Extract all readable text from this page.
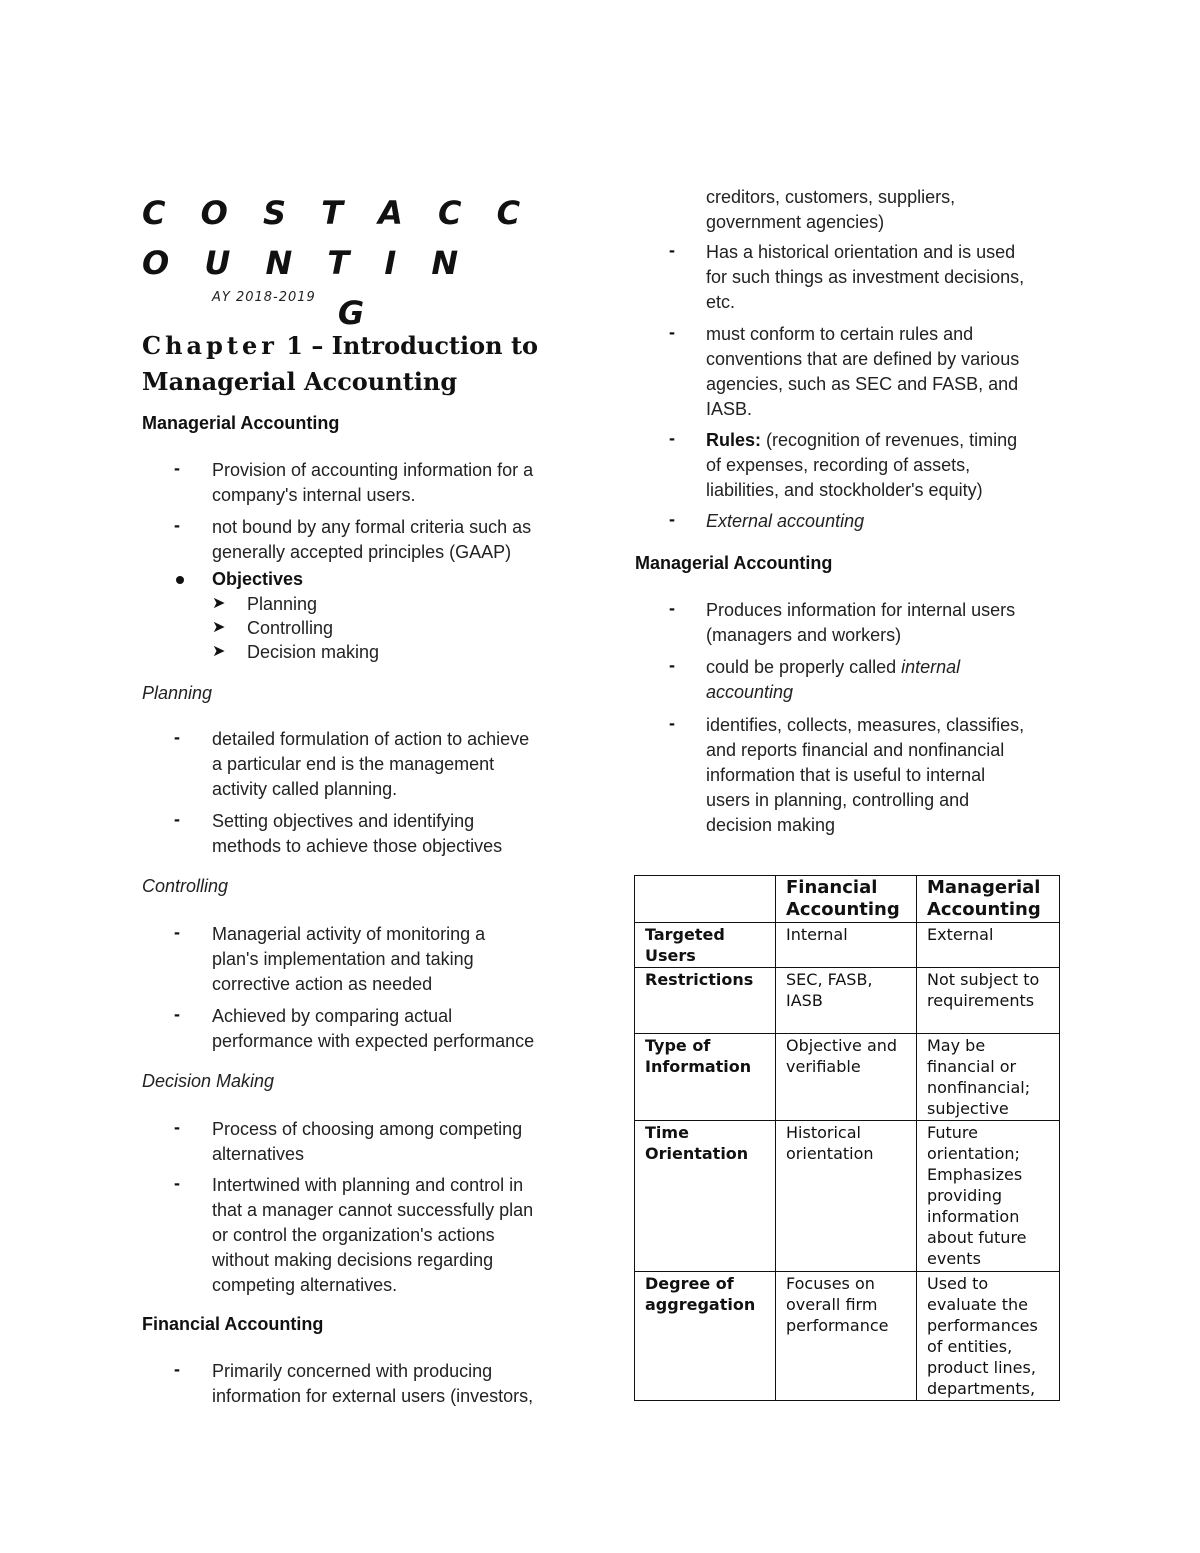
C O S T A C C O U N T I N
G
AY 2018-2019
Chapter 1 – Introduction to
Managerial Accounting
Managerial Accounting
- Provision of accounting information for a
company's internal users.
- not bound by any formal criteria such as
generally accepted principles (GAAP)
Objectives
➤ Planning
➤ Controlling
➤ Decision making
Planning
- detailed formulation of action to achieve
a particular end is the management
activity called planning.
- Setting objectives and identifying
methods to achieve those objectives
Controlling
- Managerial activity of monitoring a
plan's implementation and taking
corrective action as needed
- Achieved by comparing actual
performance with expected performance
Decision Making
- Process of choosing among competing
alternatives
- Intertwined with planning and control in
that a manager cannot successfully plan
or control the organization's actions
without making decisions regarding
competing alternatives.
Financial Accounting
- Primarily concerned with producing
information for external users (investors,
creditors, customers, suppliers,
government agencies)
- Has a historical orientation and is used
for such things as investment decisions,
etc.
- must conform to certain rules and
conventions that are defined by various
agencies, such as SEC and FASB, and
IASB.
- Rules: (recognition of revenues, timing
of expenses, recording of assets,
liabilities, and stockholder's equity)
- External accounting
Managerial Accounting
- Produces information for internal users
(managers and workers)
- could be properly called internal
accounting
- identifies, collects, measures, classifies,
and reports financial and nonfinancial
information that is useful to internal
users in planning, controlling and
decision making
	Financial Accounting	Managerial Accounting
Targeted Users	Internal	External
Restrictions	SEC, FASB, IASB	Not subject to requirements
Type of Information	Objective and verifiable	May be financial or nonfinancial; subjective
Time Orientation	Historical orientation	Future orientation; Emphasizes providing information about future events
Degree of aggregation	Focuses on overall firm performance	Used to evaluate the performances of entities, product lines, departments,
